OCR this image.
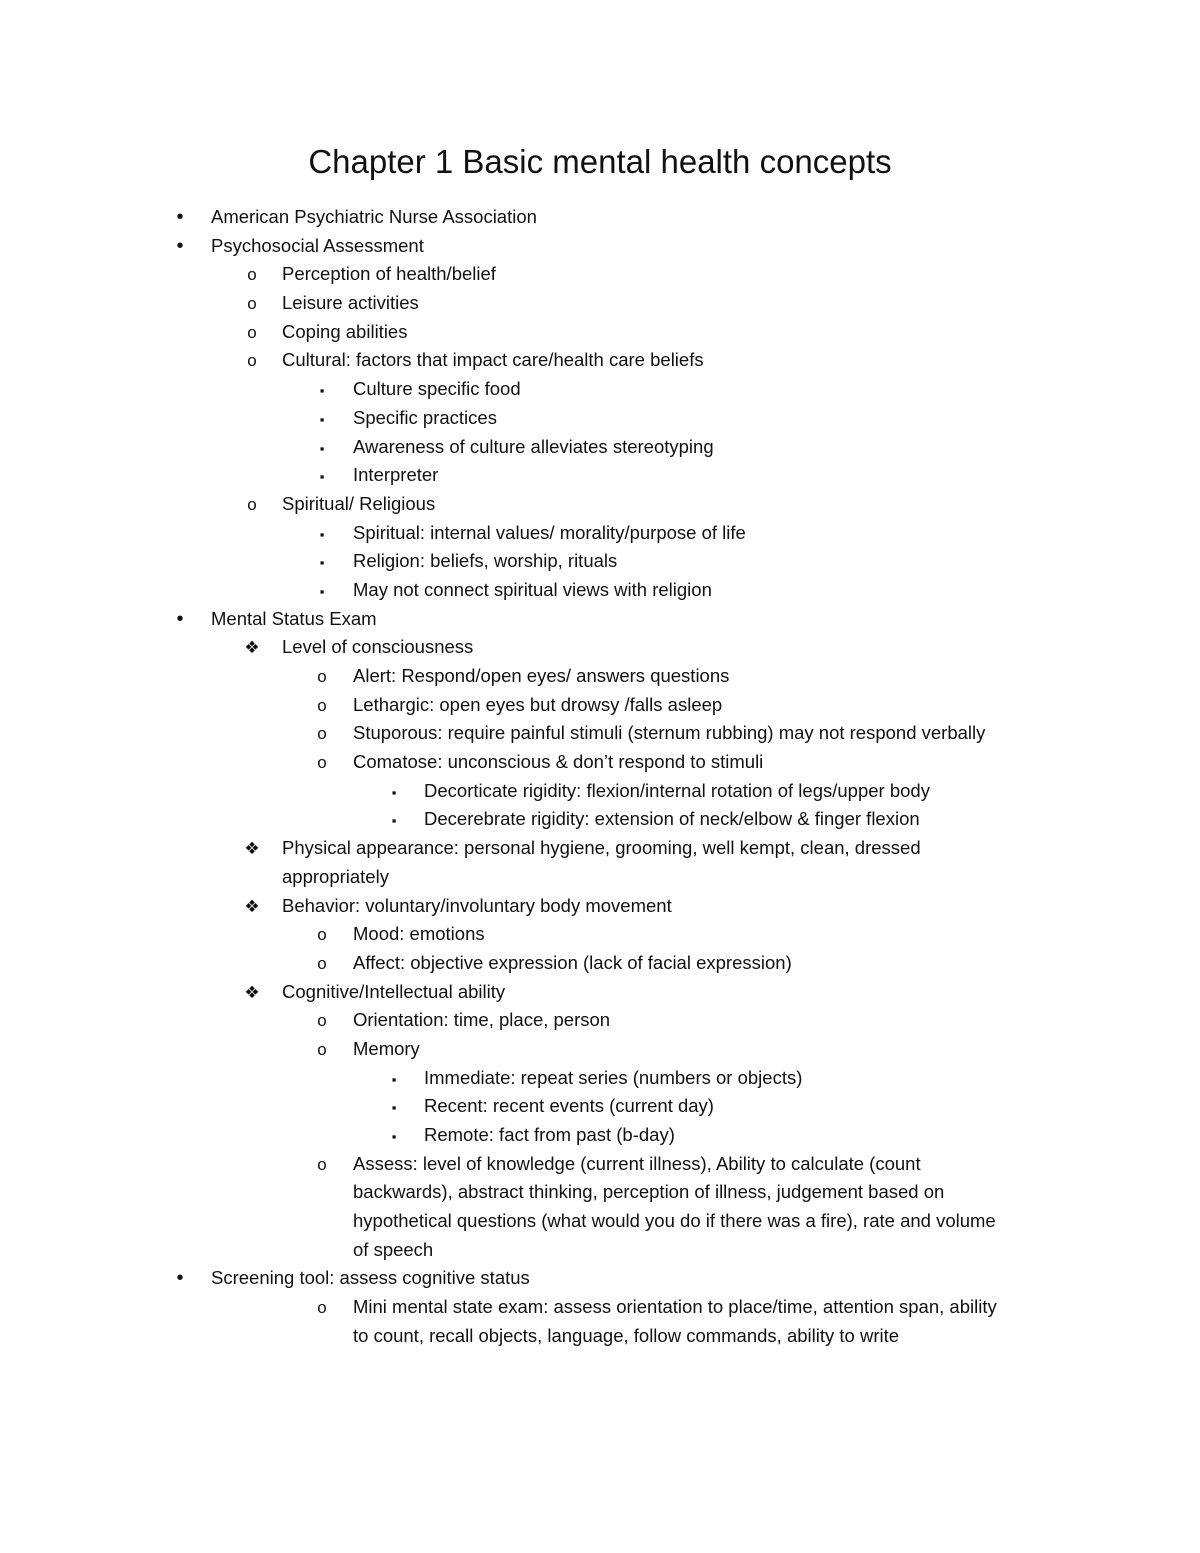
Chapter 1 Basic mental health concepts
•
American Psychiatric Nurse Association
•
Psychosocial Assessment
o
Perception of health/belief
o
Leisure activities
o
Coping abilities
o
Cultural: factors that impact care/health care beliefs
▪
Culture specific food
▪
Specific practices
▪
Awareness of culture alleviates stereotyping
▪
Interpreter
o
Spiritual/ Religious
▪
Spiritual: internal values/ morality/purpose of life
▪
Religion: beliefs, worship, rituals
▪
May not connect spiritual views with religion
•
Mental Status Exam
❖
Level of consciousness
o
Alert: Respond/open eyes/ answers questions
o
Lethargic: open eyes but drowsy /falls asleep
o
Stuporous: require painful stimuli (sternum rubbing) may not respond verbally
o
Comatose: unconscious & don’t respond to stimuli
▪
Decorticate rigidity: flexion/internal rotation of legs/upper body
▪
Decerebrate rigidity: extension of neck/elbow & finger flexion
❖
Physical appearance: personal hygiene, grooming, well kempt, clean, dressed
appropriately
❖
Behavior: voluntary/involuntary body movement
o
Mood: emotions
o
Affect: objective expression (lack of facial expression)
❖
Cognitive/Intellectual ability
o
Orientation: time, place, person
o
Memory
▪
Immediate: repeat series (numbers or objects)
▪
Recent: recent events (current day)
▪
Remote: fact from past (b-day)
o
Assess: level of knowledge (current illness), Ability to calculate (count
backwards), abstract thinking, perception of illness, judgement based on
hypothetical questions (what would you do if there was a fire), rate and volume
of speech
•
Screening tool: assess cognitive status
o
Mini mental state exam: assess orientation to place/time, attention span, ability
to count, recall objects, language, follow commands, ability to write
